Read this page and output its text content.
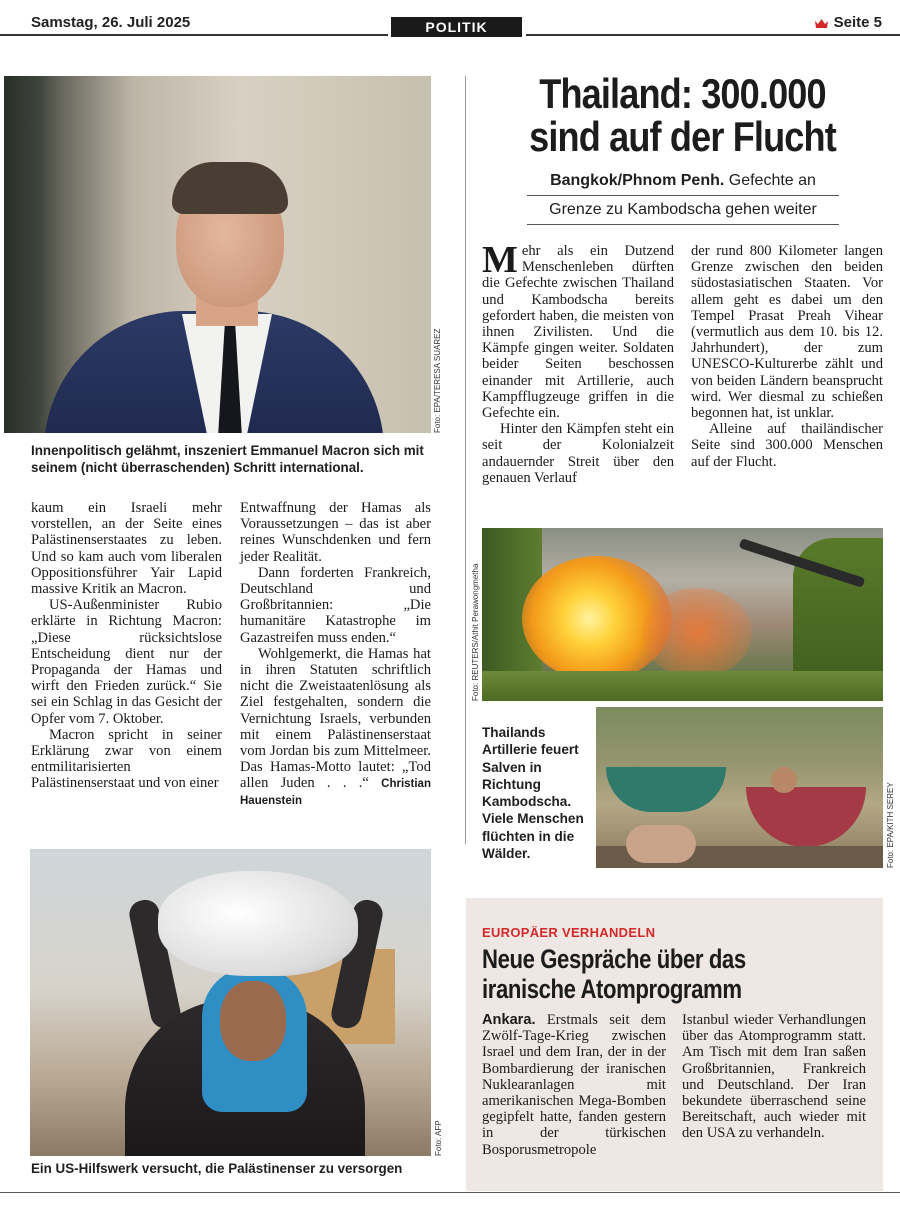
Samstag, 26. Juli 2025	POLITIK	Seite 5
Foto: EPA/TERESA SUAREZ
Innenpolitisch gelähmt, inszeniert Emmanuel Macron sich mit seinem (nicht überraschenden) Schritt international.

kaum ein Israeli mehr vorstellen, an der Seite eines Palästinenserstaates zu leben. Und so kam auch vom liberalen Oppositionsführer Yair Lapid massive Kritik an Macron.

US-Außenminister Rubio erklärte in Richtung Macron: „Diese rücksichtslose Entscheidung dient nur der Propaganda der Hamas und wirft den Frieden zurück.“ Sie sei ein Schlag in das Gesicht der Opfer vom 7. Oktober.

Macron spricht in seiner Erklärung zwar von einem entmilitarisierten Palästinenserstaat und von einer

Entwaffnung der Hamas als Voraussetzungen – das ist aber reines Wunschdenken und fern jeder Realität.

Dann forderten Frankreich, Deutschland und Großbritannien: „Die humanitäre Katastrophe im Gazastreifen muss enden.“

Wohlgemerkt, die Hamas hat in ihren Statuten schriftlich nicht die Zweistaatenlösung als Ziel festgehalten, sondern die Vernichtung Israels, verbunden mit einem Palästinenserstaat vom Jordan bis zum Mittelmeer. Das Hamas-Motto lautet: „Tod allen Juden . . .“ Christian Hauenstein

Foto: AFP
Ein US-Hilfswerk versucht, die Palästinenser zu versorgen
Thailand: 300.000 sind auf der Flucht
Bangkok/Phnom Penh. Gefechte an
Grenze zu Kambodscha gehen weiter

Mehr als ein Dutzend Menschenleben dürften die Gefechte zwischen Thailand und Kambodscha bereits gefordert haben, die meisten von ihnen Zivilisten. Und die Kämpfe gingen weiter. Soldaten beider Seiten beschossen einander mit Artillerie, auch Kampfflugzeuge griffen in die Gefechte ein.

Hinter den Kämpfen steht ein seit der Kolonialzeit andauernder Streit über den genauen Verlauf

der rund 800 Kilometer langen Grenze zwischen den beiden südostasiatischen Staaten. Vor allem geht es dabei um den Tempel Prasat Preah Vihear (vermutlich aus dem 10. bis 12. Jahrhundert), der zum UNESCO-Kulturerbe zählt und von beiden Ländern beansprucht wird. Wer diesmal zu schießen begonnen hat, ist unklar.

Alleine auf thailändischer Seite sind 300.000 Menschen auf der Flucht.

Foto: REUTERS/Athit Perawongmetha
Thailands Artillerie feuert Salven in Richtung Kambodscha. Viele Menschen flüchten in die Wälder.	Foto: EPA/KITH SEREY
EUROPÄER VERHANDELN
Neue Gespräche über das iranische Atomprogramm

Ankara. Erstmals seit dem Zwölf-Tage-Krieg zwischen Israel und dem Iran, der in der Bombardierung der iranischen Nuklearanlagen mit amerikanischen Mega-Bomben gegipfelt hatte, fanden gestern in der türkischen Bosporusmetropole

Istanbul wieder Verhandlungen über das Atomprogramm statt. Am Tisch mit dem Iran saßen Großbritannien, Frankreich und Deutschland. Der Iran bekundete überraschend seine Bereitschaft, auch wieder mit den USA zu verhandeln.
